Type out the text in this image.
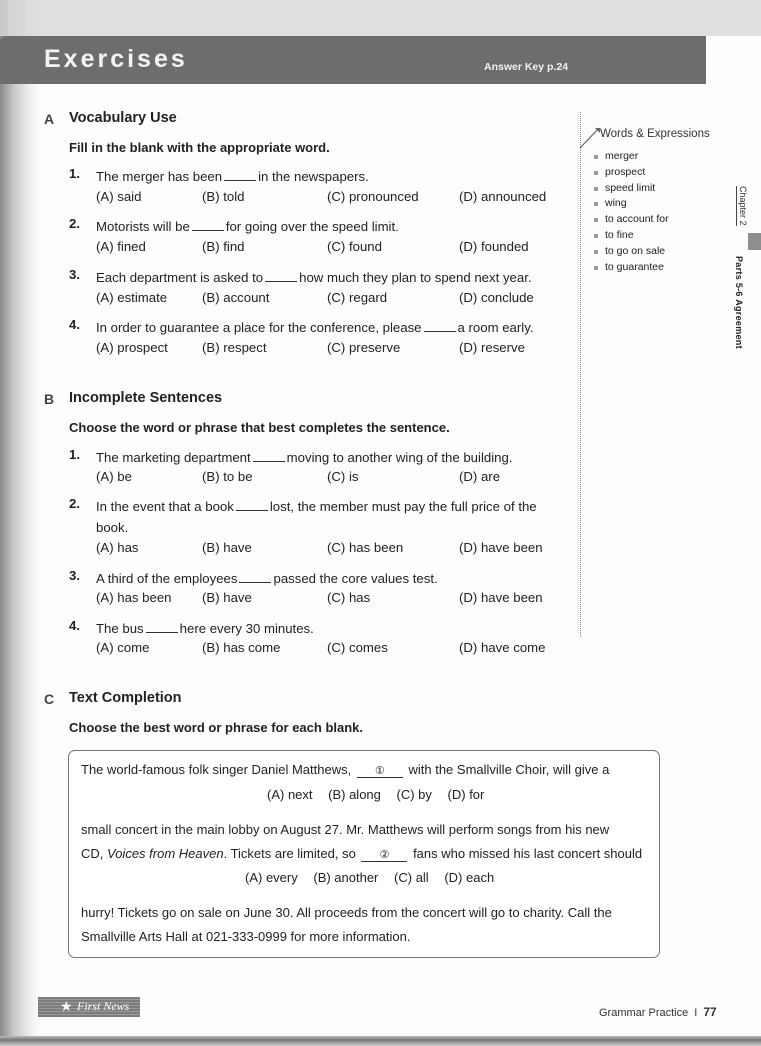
Exercises	Answer Key p.24
A Vocabulary Use
Fill in the blank with the appropriate word.
1. The merger has been	in the newspapers.
(A) said	(B) told	(C) pronounced	(D) announced
2. Motorists will be	for going over the speed limit.
(A) fined	(B) find	(C) found	(D) founded
3. Each department is asked to	how much they plan to spend next year.
(A) estimate	(B) account	(C) regard	(D) conclude
4. In order to guarantee a place for the conference, please	a room early.
(A) prospect	(B) respect	(C) preserve	(D) reserve
B Incomplete Sentences
Choose the word or phrase that best completes the sentence.
1. The marketing department	moving to another wing of the building.
(A) be	(B) to be	(C) is	(D) are
2. In the event that a book	lost, the member must pay the full price of the book.
(A) has	(B) have	(C) has been	(D) have been
3. A third of the employees	passed the core values test.
(A) has been (B) have	(C) has	(D) have been
4. The bus	here every 30 minutes.
(A) come	(B) has come	(C) comes	(D) have come
C Text Completion
Choose the best word or phrase for each blank.
The world-famous folk singer Daniel Matthews, ① with the Smallville Choir, will give a
(A) next (B) along (C) by (D) for
small concert in the main lobby on August 27. Mr. Matthews will perform songs from his new
CD, Voices from Heaven. Tickets are limited, so ② fans who missed his last concert should
(A) every (B) another (C) all (D) each
hurry! Tickets go on sale on June 30. All proceeds from the concert will go to charity. Call the
Smallville Arts Hall at 021-333-0999 for more information.
Words & Expressions
merger
prospect
speed limit
wing
to account for
to fine
to go on sale
to guarantee
Chapter 2
Parts 5-6 Agreement
★ First News	Grammar Practice I 77
